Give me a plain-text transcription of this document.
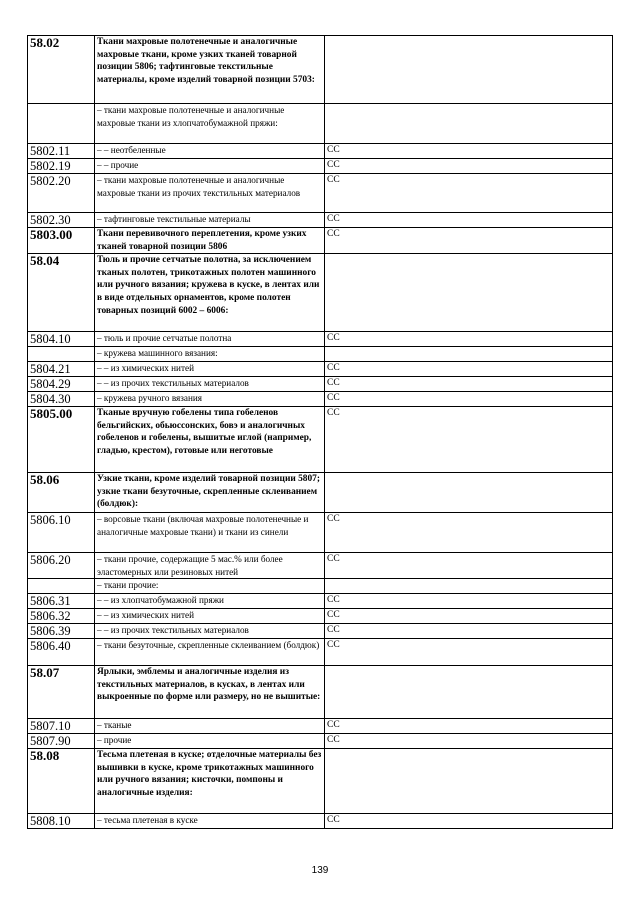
58.02	Ткани махровые полотенечные и аналогичные махровые ткани, кроме узких тканей товарной позиции 5806; тафтинговые текстильные материалы, кроме изделий товарной позиции 5703:	
	– ткани махровые полотенечные и аналогичные махровые ткани из хлопчатобумажной пряжи:	
5802.11	– – неотбеленные	СС
5802.19	– – прочие	СС
5802.20	– ткани махровые полотенечные и аналогичные махровые ткани из прочих текстильных материалов	СС
5802.30	– тафтинговые текстильные материалы	СС
5803.00	Ткани перевивочного переплетения, кроме узких тканей товарной позиции 5806	СС
58.04	Тюль и прочие сетчатые полотна, за исключением тканых полотен, трикотажных полотен машинного или ручного вязания; кружева в куске, в лентах или в виде отдельных орнаментов, кроме полотен товарных позиций 6002 – 6006:	
5804.10	– тюль и прочие сетчатые полотна	СС
	– кружева машинного вязания:	
5804.21	– – из химических нитей	СС
5804.29	– – из прочих текстильных материалов	СС
5804.30	– кружева ручного вязания	СС
5805.00	Тканые вручную гобелены типа гобеленов бельгийских, обьюссонских, бовэ и аналогичных гобеленов и гобелены, вышитые иглой (например, гладью, крестом), готовые или неготовые	СС
58.06	Узкие ткани, кроме изделий товарной позиции 5807; узкие ткани безуточные, скрепленные склеиванием (болдюк):	
5806.10	– ворсовые ткани (включая махровые полотенечные и аналогичные махровые ткани) и ткани из синели	СС
5806.20	– ткани прочие, содержащие 5 мас.% или более эластомерных или резиновых нитей	СС
	– ткани прочие:	
5806.31	– – из хлопчатобумажной пряжи	СС
5806.32	– – из химических нитей	СС
5806.39	– – из прочих текстильных материалов	СС
5806.40	– ткани безуточные, скрепленные склеиванием (болдюк)	СС
58.07	Ярлыки, эмблемы и аналогичные изделия из текстильных материалов, в кусках, в лентах или выкроенные по форме или размеру, но не вышитые:	
5807.10	– тканые	СС
5807.90	– прочие	СС
58.08	Тесьма плетеная в куске; отделочные материалы без вышивки в куске, кроме трикотажных машинного или ручного вязания; кисточки, помпоны и аналогичные изделия:	
5808.10	– тесьма плетеная в куске	СС
139
